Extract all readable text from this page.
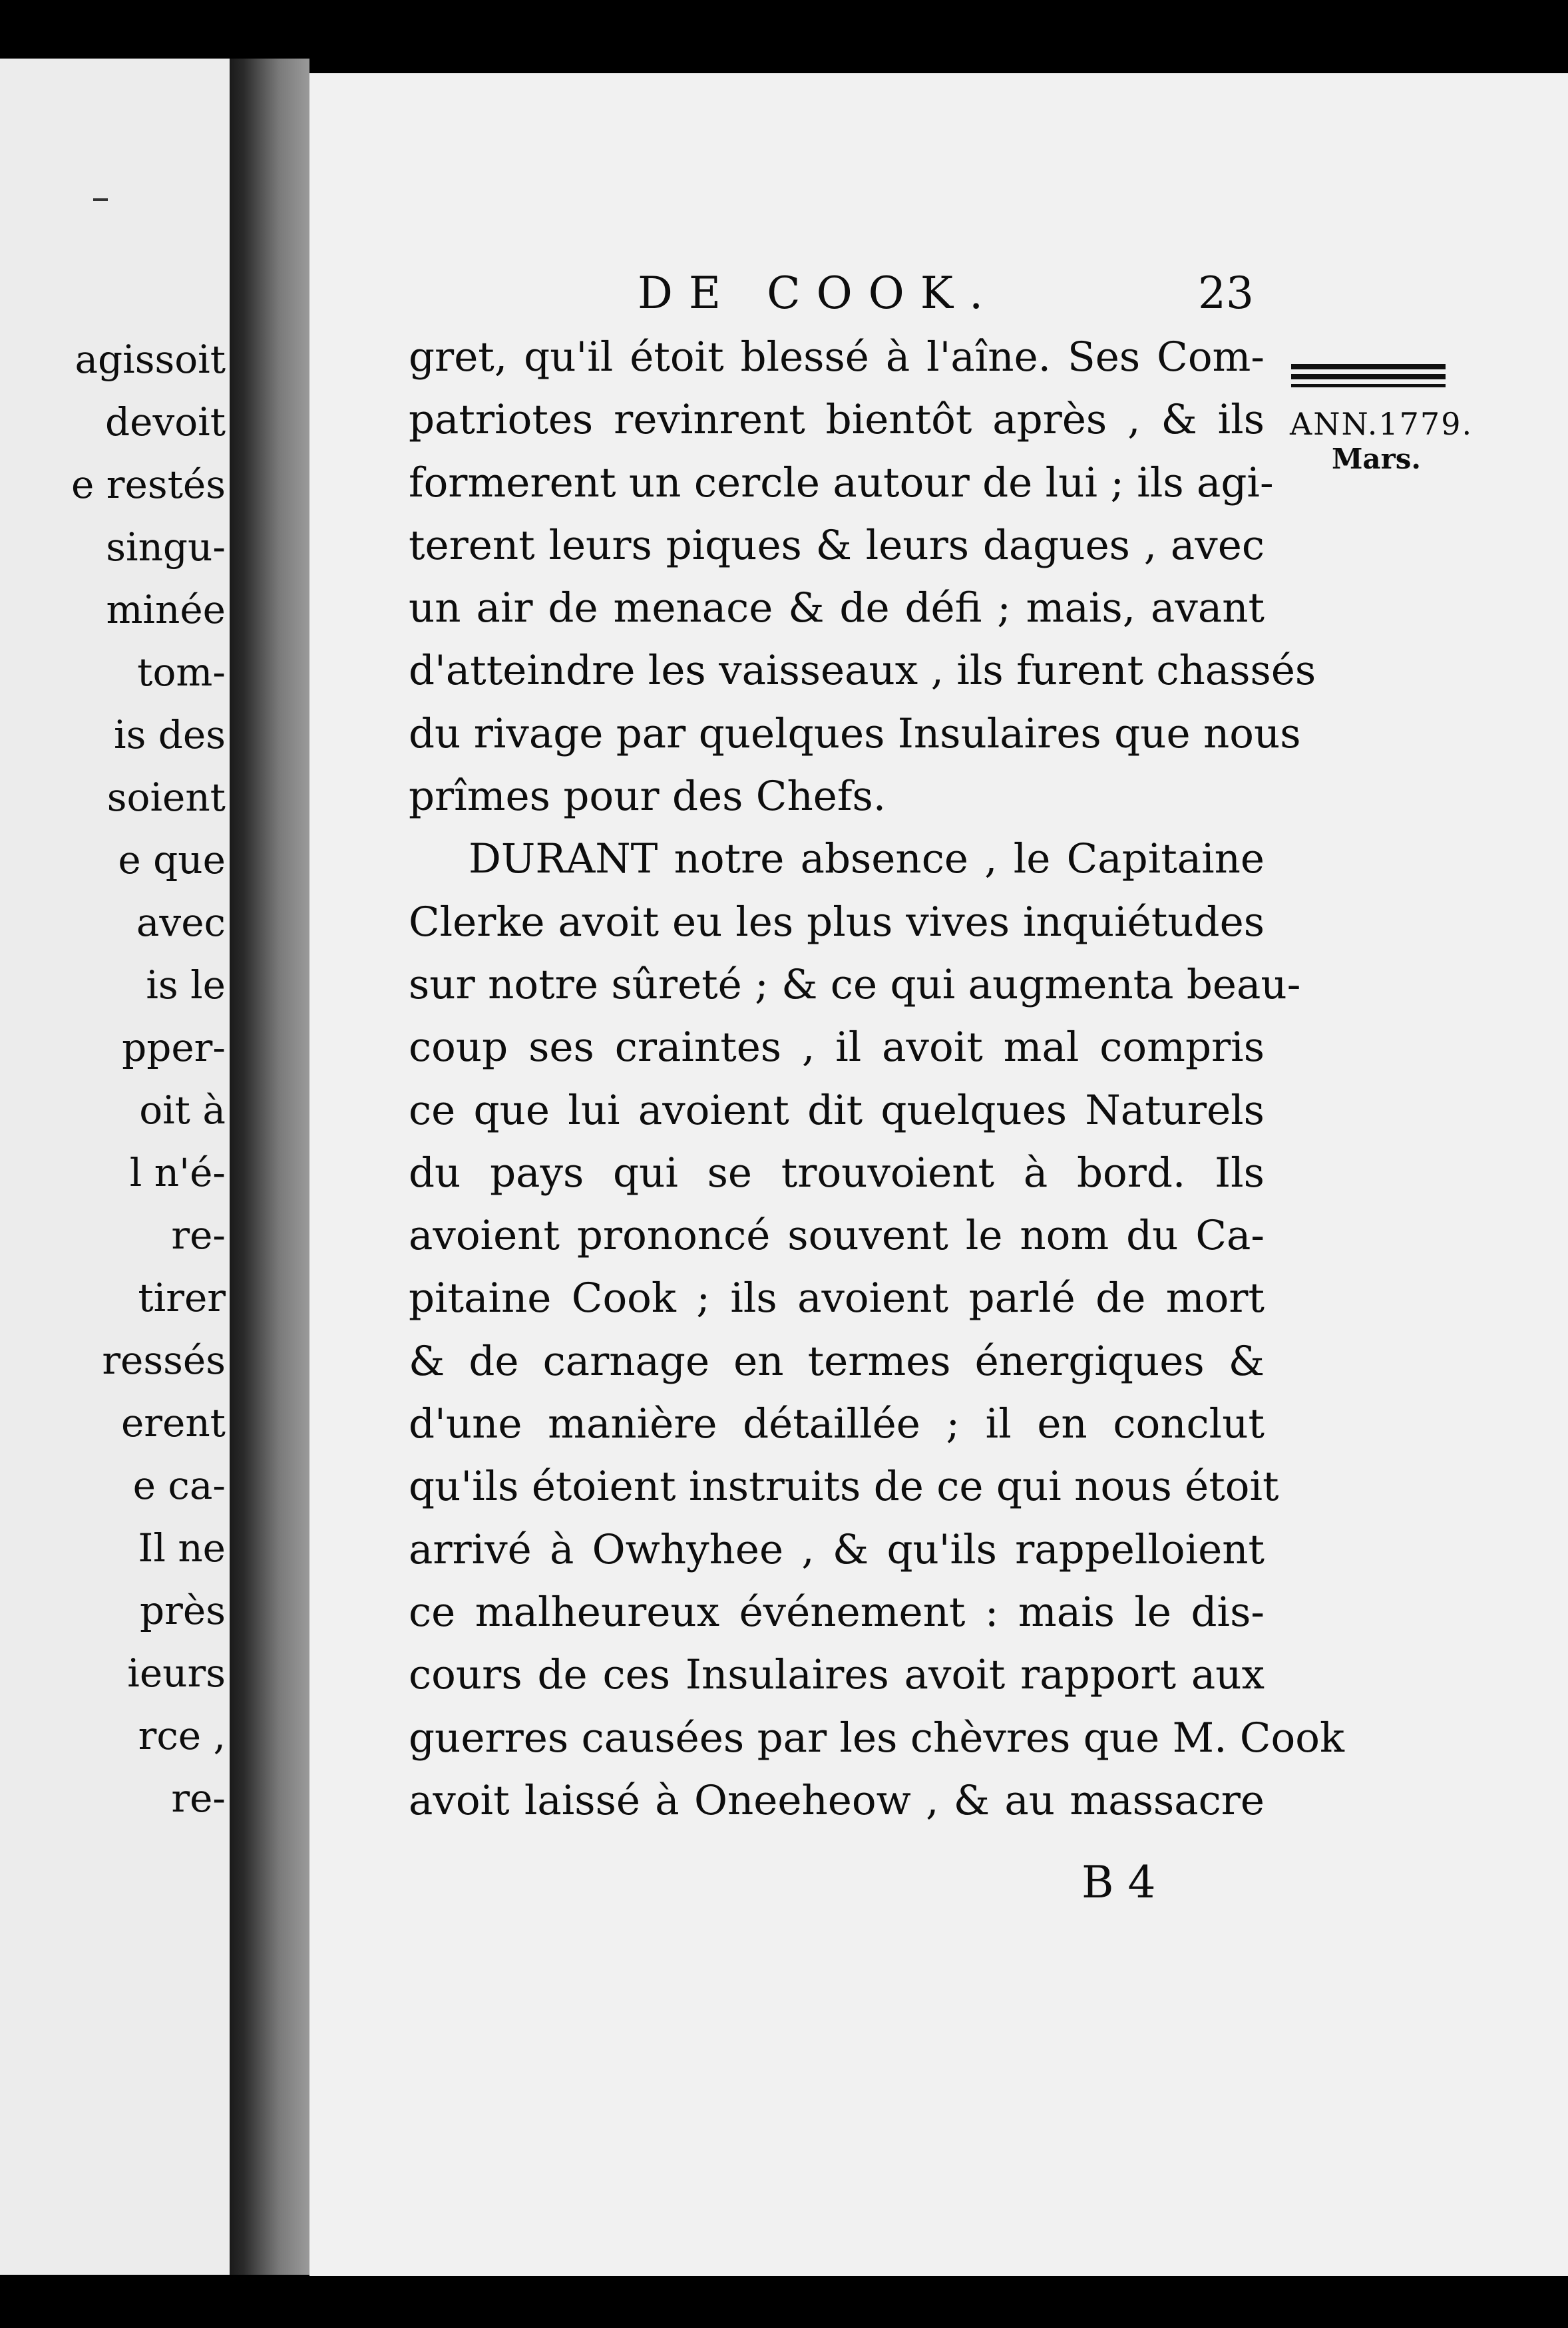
agissoit
devoit
e restés
singu-
minée
tom-
is des
soient
e que
avec
is le
pper-
oit à
l n'é-
re-
tirer
ressés
erent
e ca-
Il ne
près
ieurs
rce ,
re-
DE COOK.	23
ANN.1779.
Mars.
gret, qu'il étoit blessé à l'aîne. Ses Com-
patriotes revinrent bientôt après , & ils
formerent un cercle autour de lui ; ils agi-
terent leurs piques & leurs dagues , avec
un air de menace & de défi ; mais, avant
d'atteindre les vaisseaux , ils furent chassés
du rivage par quelques Insulaires que nous
prîmes pour des Chefs.
DURANT notre absence , le Capitaine
Clerke avoit eu les plus vives inquiétudes
sur notre sûreté ; & ce qui augmenta beau-
coup ses craintes , il avoit mal compris
ce que lui avoient dit quelques Naturels
du pays qui se trouvoient à bord. Ils
avoient prononcé souvent le nom du Ca-
pitaine Cook ; ils avoient parlé de mort
& de carnage en termes énergiques &
d'une manière détaillée ; il en conclut
qu'ils étoient instruits de ce qui nous étoit
arrivé à Owhyhee , & qu'ils rappelloient
ce malheureux événement : mais le dis-
cours de ces Insulaires avoit rapport aux
guerres causées par les chèvres que M. Cook
avoit laissé à Oneeheow , & au massacre
B 4
